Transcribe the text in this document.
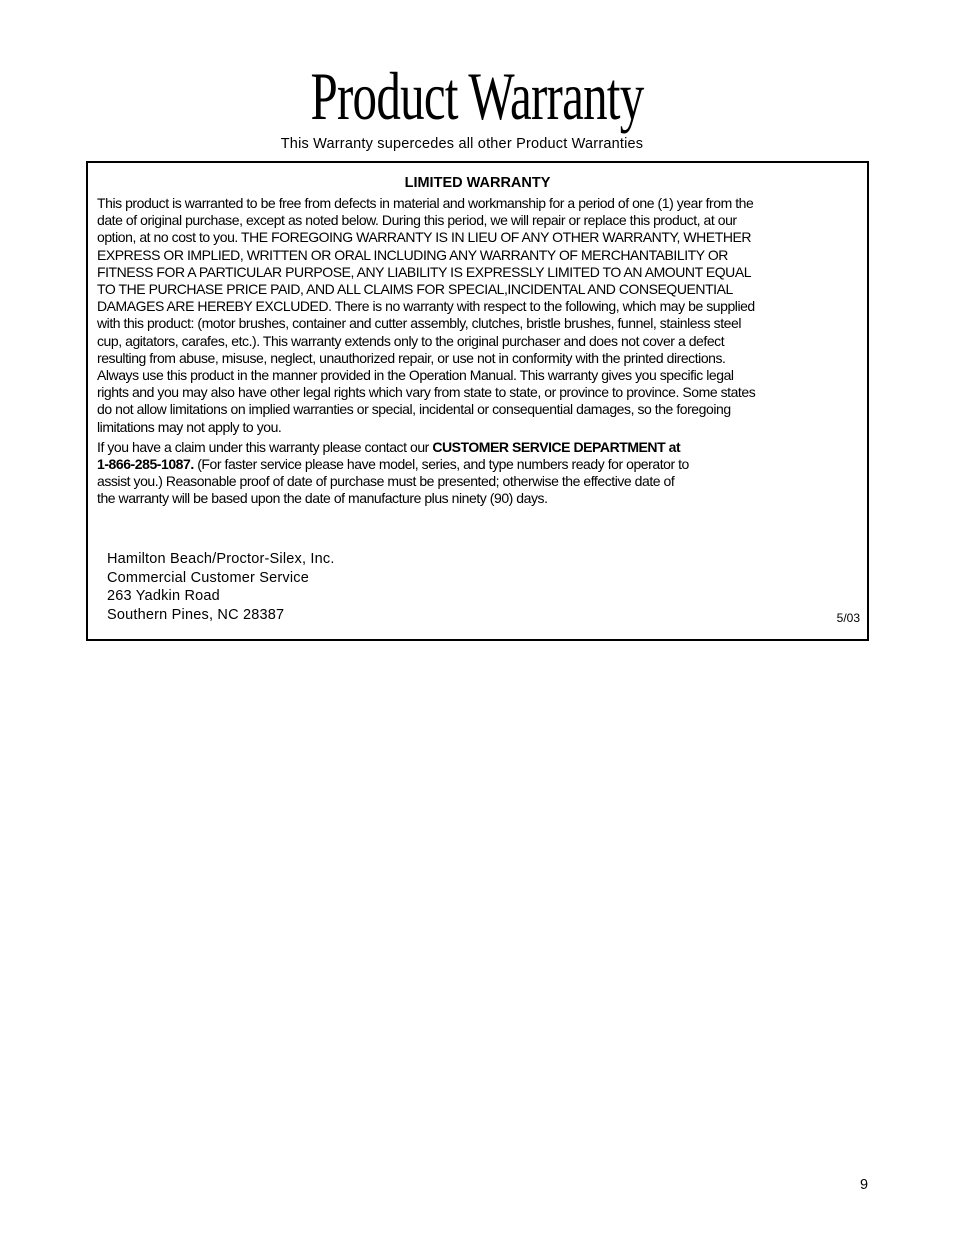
Product Warranty
This Warranty supercedes all other Product Warranties
LIMITED WARRANTY

This product is warranted to be free from defects in material and workmanship for a period of one (1) year from the
date of original purchase, except as noted below. During this period, we will repair or replace this product, at our
option, at no cost to you. THE FOREGOING WARRANTY IS IN LIEU OF ANY OTHER WARRANTY, WHETHER
EXPRESS OR IMPLIED, WRITTEN OR ORAL INCLUDING ANY WARRANTY OF MERCHANTABILITY OR
FITNESS FOR A PARTICULAR PURPOSE, ANY LIABILITY IS EXPRESSLY LIMITED TO AN AMOUNT EQUAL
TO THE PURCHASE PRICE PAID, AND ALL CLAIMS FOR SPECIAL,INCIDENTAL AND CONSEQUENTIAL
DAMAGES ARE HEREBY EXCLUDED. There is no warranty with respect to the following, which may be supplied
with this product: (motor brushes, container and cutter assembly, clutches, bristle brushes, funnel, stainless steel
cup, agitators, carafes, etc.). This warranty extends only to the original purchaser and does not cover a defect
resulting from abuse, misuse, neglect, unauthorized repair, or use not in conformity with the printed directions.
Always use this product in the manner provided in the Operation Manual. This warranty gives you specific legal
rights and you may also have other legal rights which vary from state to state, or province to province. Some states
do not allow limitations on implied warranties or special, incidental or consequential damages, so the foregoing
limitations may not apply to you.

If you have a claim under this warranty please contact our CUSTOMER SERVICE DEPARTMENT at
1-866-285-1087. (For faster service please have model, series, and type numbers ready for operator to
assist you.) Reasonable proof of date of purchase must be presented; otherwise the effective date of
the warranty will be based upon the date of manufacture plus ninety (90) days.

Hamilton Beach/Proctor-Silex, Inc.
Commercial Customer Service
263 Yadkin Road
Southern Pines, NC 28387	5/03
9
